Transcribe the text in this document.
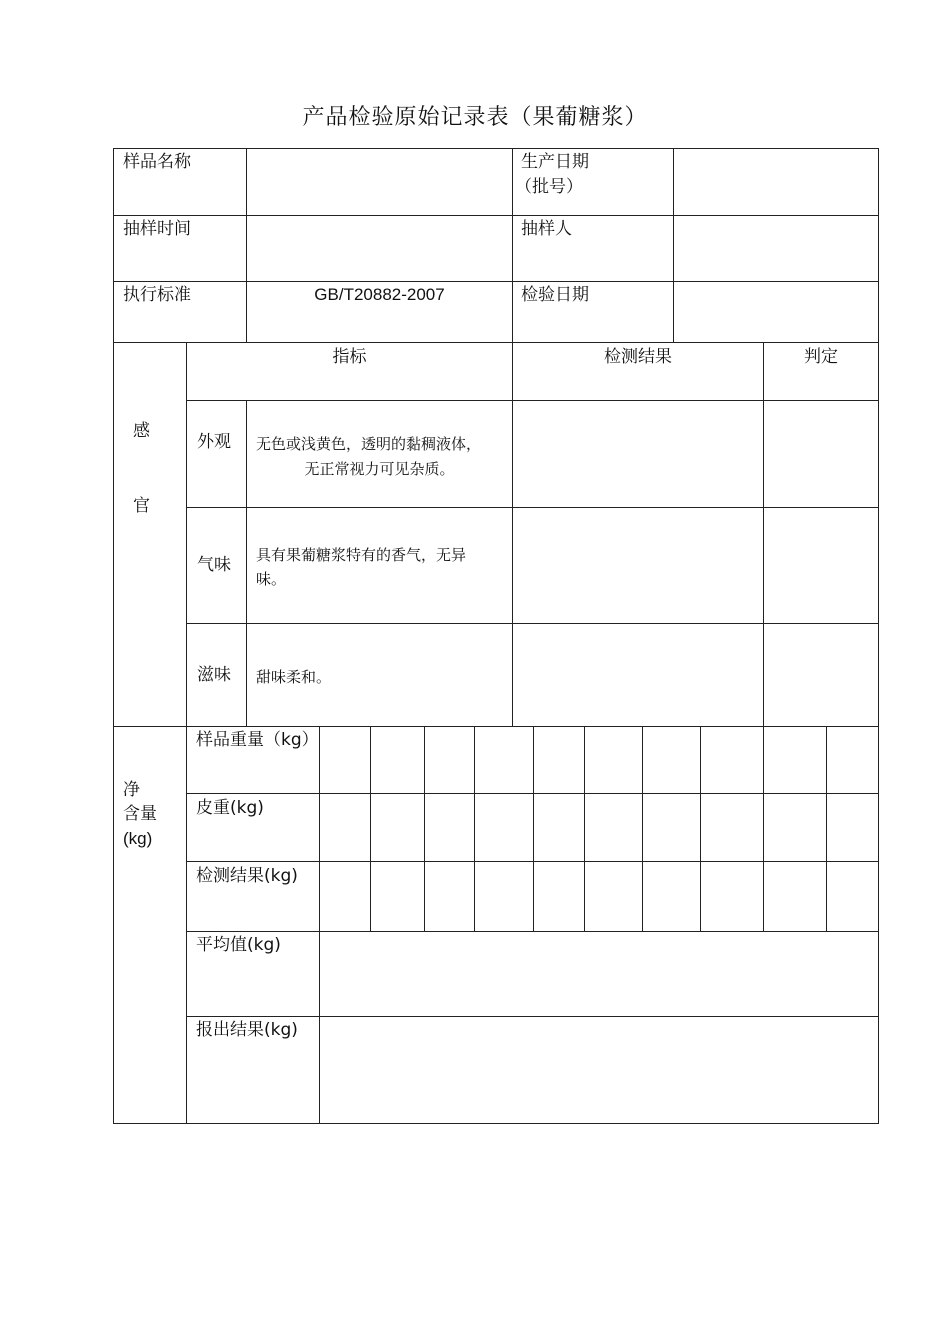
产品检验原始记录表（果葡糖浆）
样品名称	生产日期
（批号）
抽样时间	抽样人
执行标准	GB/T20882-2007	检验日期
感
官
指标	检测结果	判定
外观 无色或浅黄色，透明的黏稠液体，
无正常视力可见杂质。
气味 具有果葡糖浆特有的香气，无异
味。
滋味 甜味柔和。
净
含量
(kg)
样品重量（kg）
皮重(kg)
检测结果(kg)
平均值(kg)
报出结果(kg)
